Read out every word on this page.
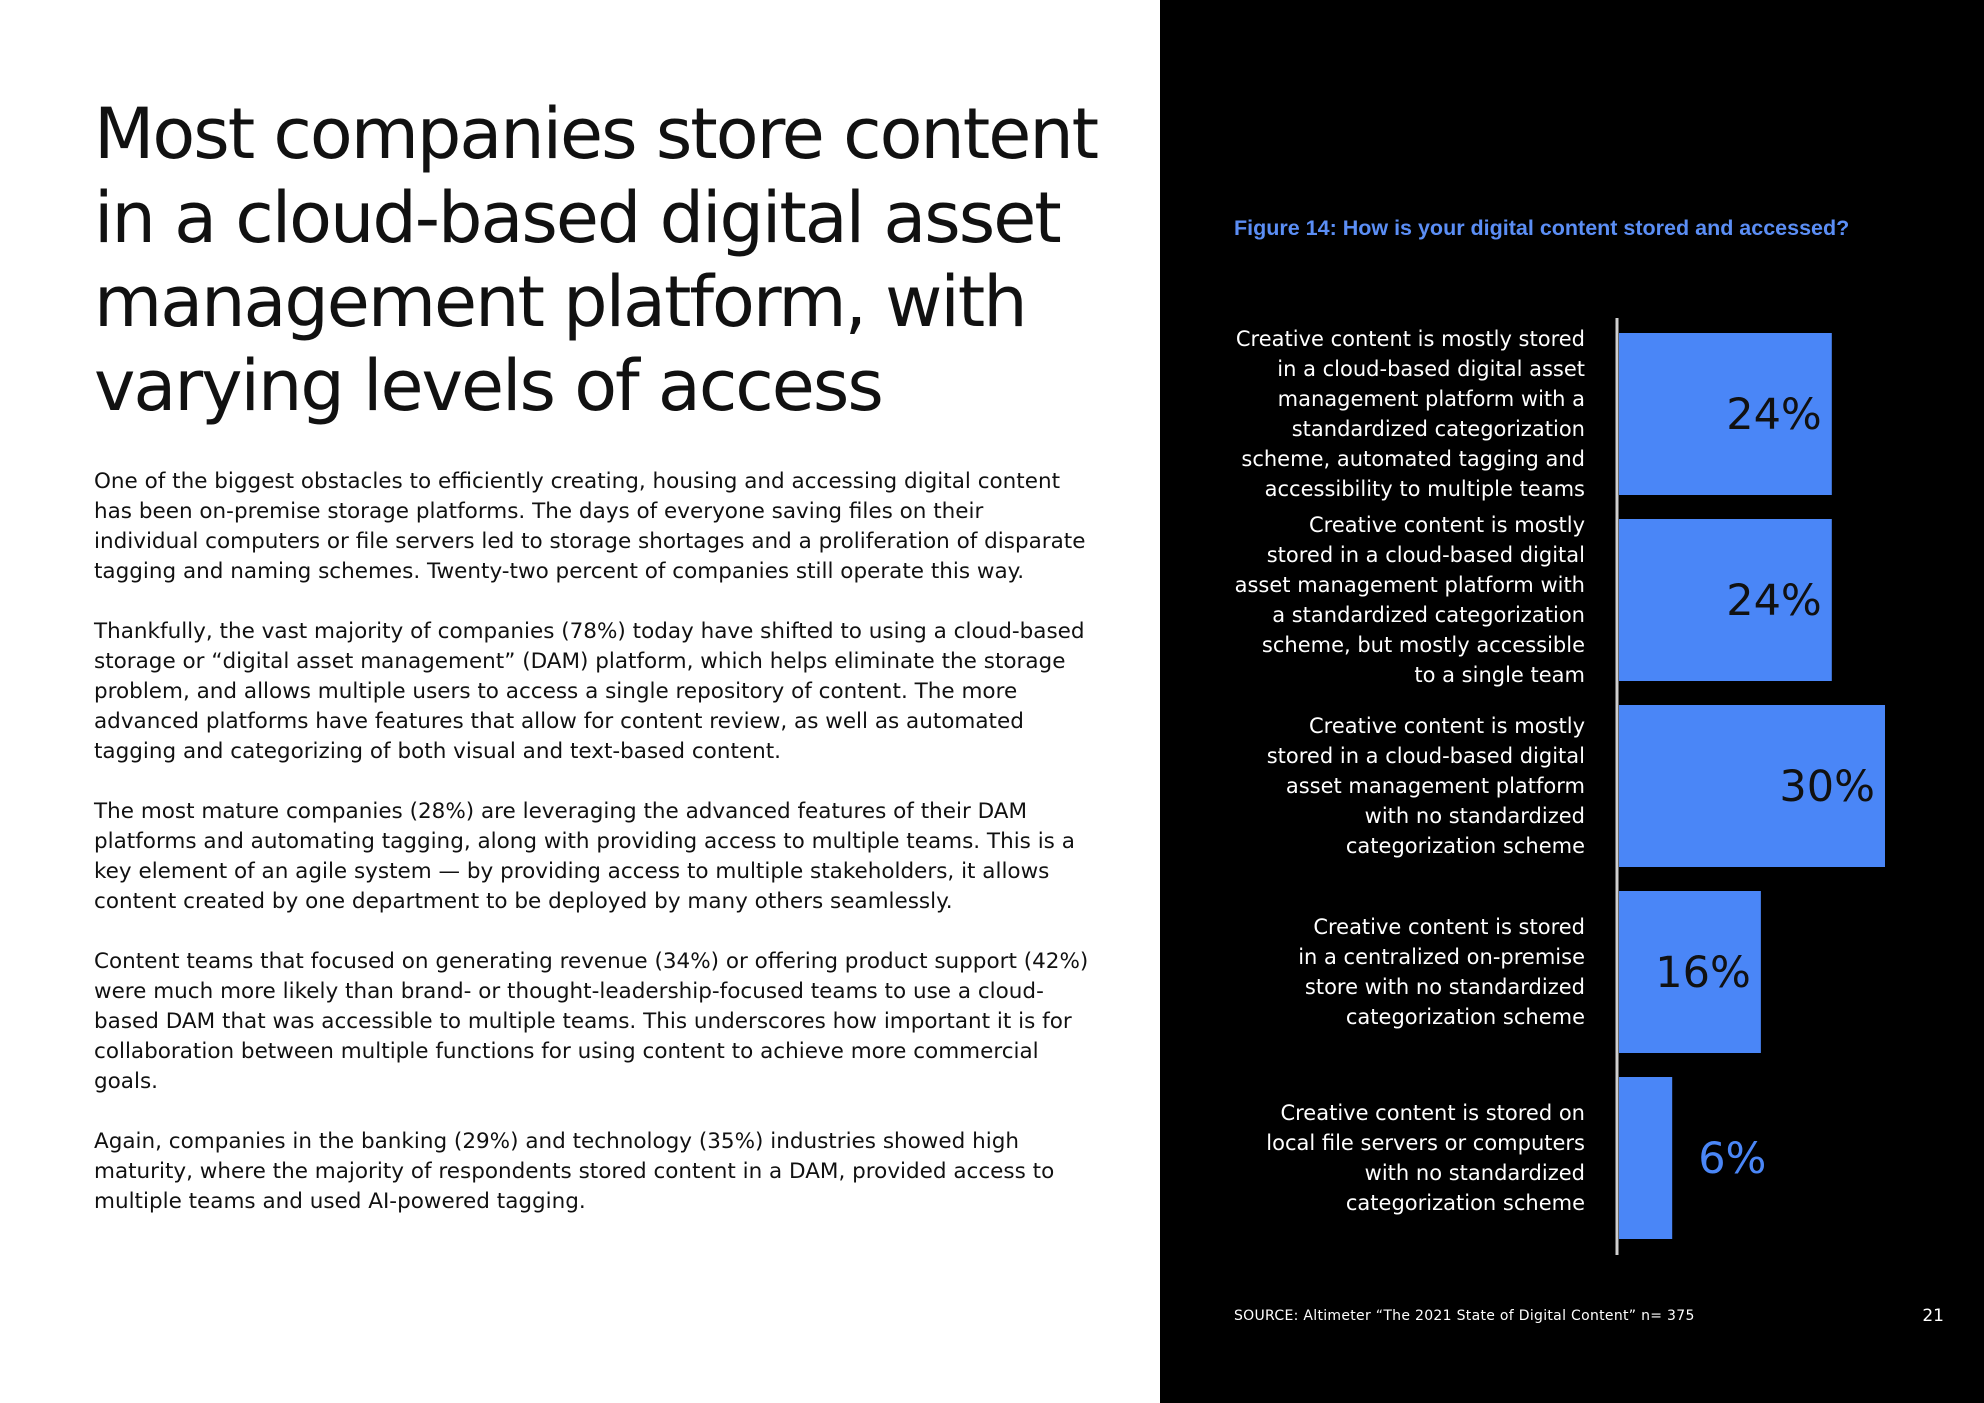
Most companies store content
in a cloud-based digital asset
management platform, with
varying levels of access

One of the biggest obstacles to efficiently creating, housing and accessing digital content has been on-premise storage platforms. The days of everyone saving files on their individual computers or file servers led to storage shortages and a proliferation of disparate tagging and naming schemes. Twenty-two percent of companies still operate this way.

Thankfully, the vast majority of companies (78%) today have shifted to using a cloud-based storage or “digital asset management” (DAM) platform, which helps eliminate the storage problem, and allows multiple users to access a single repository of content. The more advanced platforms have features that allow for content review, as well as automated tagging and categorizing of both visual and text-based content.

The most mature companies (28%) are leveraging the advanced features of their DAM platforms and automating tagging, along with providing access to multiple teams. This is a key element of an agile system — by providing access to multiple stakeholders, it allows content created by one department to be deployed by many others seamlessly.

Content teams that focused on generating revenue (34%) or offering product support (42%) were much more likely than brand- or thought-leadership-focused teams to use a cloud-based DAM that was accessible to multiple teams. This underscores how important it is for collaboration between multiple functions for using content to achieve more commercial goals.

Again, companies in the banking (29%) and technology (35%) industries showed high maturity, where the majority of respondents stored content in a DAM, provided access to multiple teams and used AI-powered tagging.

Figure 14: How is your digital content stored and accessed?
Creative content is mostly stored in a cloud-based digital asset management platform with a standardized categorization scheme, automated tagging and accessibility to multiple teams
24%
Creative content is mostly stored in a cloud-based digital asset management platform with a standardized categorization scheme, but mostly accessible to a single team
24%
Creative content is mostly stored in a cloud-based digital asset management platform with no standardized categorization scheme
30%
Creative content is stored in a centralized on-premise store with no standardized categorization scheme
16%
Creative content is stored on local file servers or computers with no standardized categorization scheme
6%
SOURCE: Altimeter “The 2021 State of Digital Content” n= 375	21
